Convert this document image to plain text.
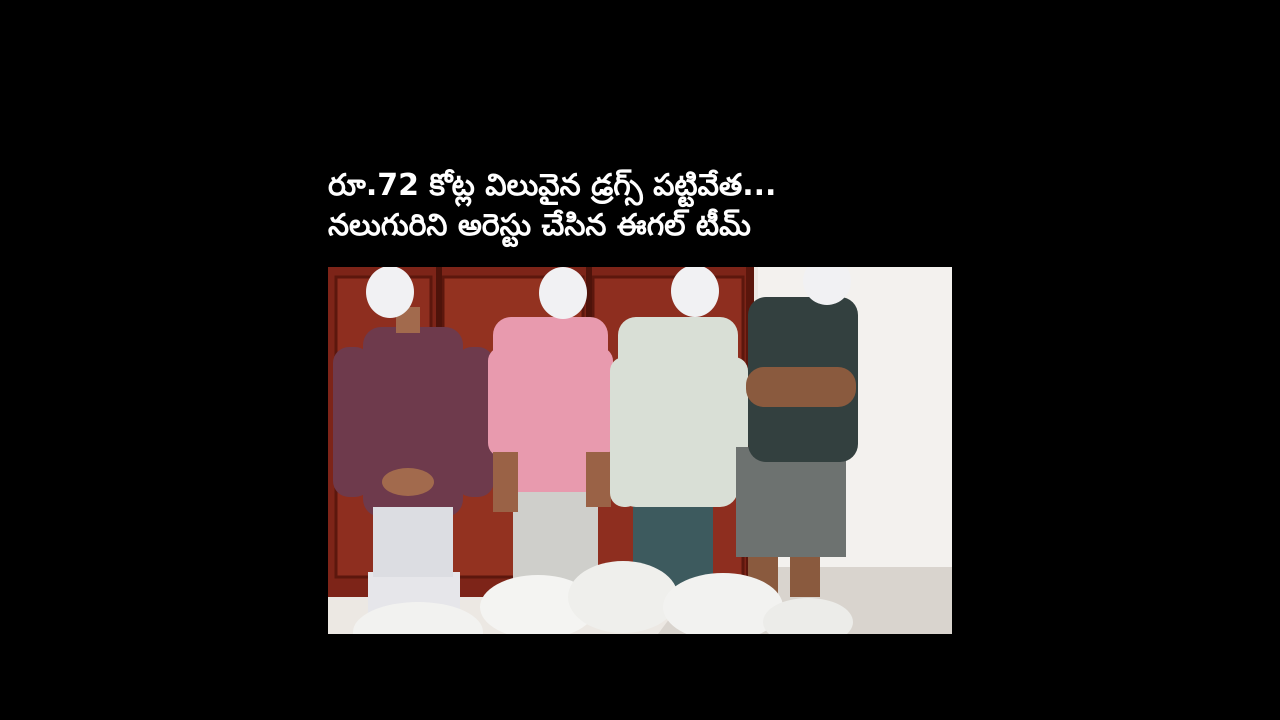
రూ.72 కోట్ల విలువైన డ్రగ్స్ పట్టివేత...
నలుగురిని అరెస్టు చేసిన ఈగల్ టీమ్
